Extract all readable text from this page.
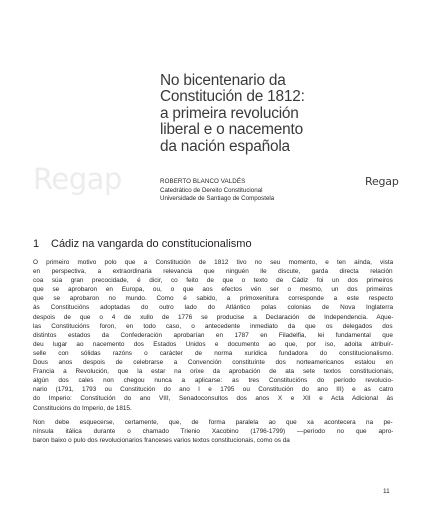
No bicentenario da
Constitución de 1812:
a primeira revolución
liberal e o nacemento
da nación española
Regap	Regap
ROBERTO BLANCO VALDÉS
Catedrático de Dereito Constitucional
Universidade de Santiago de Compostela
1 Cádiz na vangarda do constitucionalismo
O primeiro motivo polo que a Constitución de 1812 tivo no seu momento, e ten aínda, vista
en perspectiva, a extraordinaria relevancia que ninguén lle discute, garda directa relación
coa súa gran precocidade, é dicir, co feito de que o texto de Cádiz foi un dos primeiros
que se aprobaron en Europa, ou, o que aos efectos vén ser o mesmo, un dos primeiros
que se aprobaron no mundo. Como é sabido, a primoxenitura corresponde a este respecto
ás Constitucións adoptadas do outro lado do Atlántico polas colonias de Nova Inglaterra
despois de que o 4 de xullo de 1776 se producise a Declaración de Independencia. Aque-
las Constitucións foron, en todo caso, o antecedente inmediato da que os delegados dos
distintos estados da Confederación aprobarían en 1787 en Filadelfia, lei fundamental que
deu lugar ao nacemento dos Estados Unidos e documento ao que, por iso, adoita atribuír-
selle con sólidas razóns o carácter de norma xurídica fundadora do constitucionalismo.
Dous anos despois de celebrarse a Convención constituínte dos norteamericanos estalou en
Francia a Revolución, que la estar na orixe da aprobación de ata sete textos constitucionais,
algún dos cales non chegou nunca a aplicarse: as tres Constitucións do período revolucio-
nario (1791, 1793 ou Constitución do ano I e 1795 ou Constitución do ano III) e as catro
do Imperio: Constitución do ano VIII, Senadoconsultos dos anos X e XII e Acta Adicional ás
Constitucións do Imperio, de 1815.
Non debe esquecerse, certamente, que, de forma paralela ao que xa acontecera na pe-
nínsula itálica durante o chamado Trienio Xacobino (1796-1799) —período no que apro-
baron baixo o pulo dos revolucionarios franceses varios textos constitucionais, como os da
11
